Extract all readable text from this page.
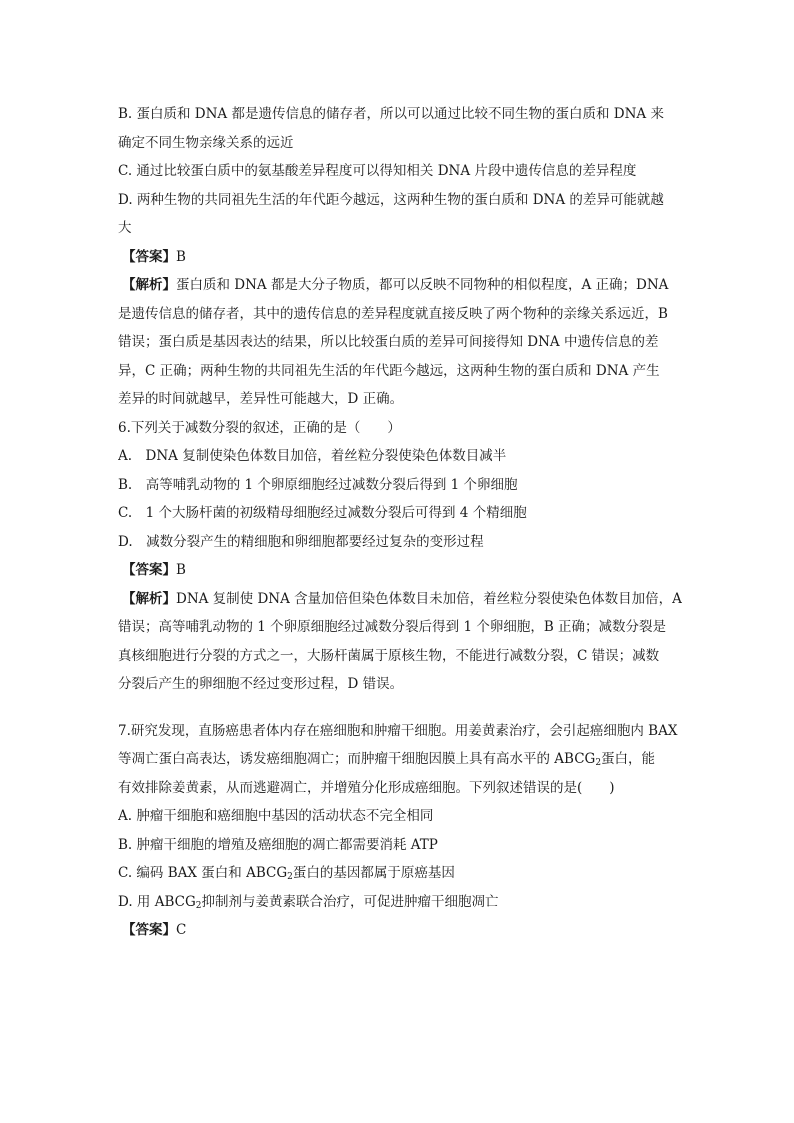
B. 蛋白质和 DNA 都是遗传信息的储存者，所以可以通过比较不同生物的蛋白质和 DNA 来
确定不同生物亲缘关系的远近
C. 通过比较蛋白质中的氨基酸差异程度可以得知相关 DNA 片段中遗传信息的差异程度
D. 两种生物的共同祖先生活的年代距今越远，这两种生物的蛋白质和 DNA 的差异可能就越
大
【答案】B
【解析】蛋白质和 DNA 都是大分子物质，都可以反映不同物种的相似程度，A 正确；DNA
是遗传信息的储存者，其中的遗传信息的差异程度就直接反映了两个物种的亲缘关系远近，B
错误；蛋白质是基因表达的结果，所以比较蛋白质的差异可间接得知 DNA 中遗传信息的差
异，C 正确；两种生物的共同祖先生活的年代距今越远，这两种生物的蛋白质和 DNA 产生
差异的时间就越早，差异性可能越大，D 正确。
6.下列关于减数分裂的叙述，正确的是（　　）
A.　DNA 复制使染色体数目加倍，着丝粒分裂使染色体数目减半
B.　高等哺乳动物的 1 个卵原细胞经过减数分裂后得到 1 个卵细胞
C.　1 个大肠杆菌的初级精母细胞经过减数分裂后可得到 4 个精细胞
D.　减数分裂产生的精细胞和卵细胞都要经过复杂的变形过程
【答案】B
【解析】DNA 复制使 DNA 含量加倍但染色体数目未加倍，着丝粒分裂使染色体数目加倍，A
错误；高等哺乳动物的 1 个卵原细胞经过减数分裂后得到 1 个卵细胞，B 正确；减数分裂是
真核细胞进行分裂的方式之一，大肠杆菌属于原核生物，不能进行减数分裂，C 错误；减数
分裂后产生的卵细胞不经过变形过程，D 错误。
7.研究发现，直肠癌患者体内存在癌细胞和肿瘤干细胞。用姜黄素治疗，会引起癌细胞内 BAX
等凋亡蛋白高表达，诱发癌细胞凋亡；而肿瘤干细胞因膜上具有高水平的 $ABCG_2$蛋白，能
有效排除姜黄素，从而逃避凋亡，并增殖分化形成癌细胞。下列叙述错误的是(　　)
A. 肿瘤干细胞和癌细胞中基因的活动状态不完全相同
B. 肿瘤干细胞的增殖及癌细胞的凋亡都需要消耗 ATP
C. 编码 BAX 蛋白和 $ABCG_2$蛋白的基因都属于原癌基因
D. 用 $ABCG_2$抑制剂与姜黄素联合治疗，可促进肿瘤干细胞凋亡
【答案】C
